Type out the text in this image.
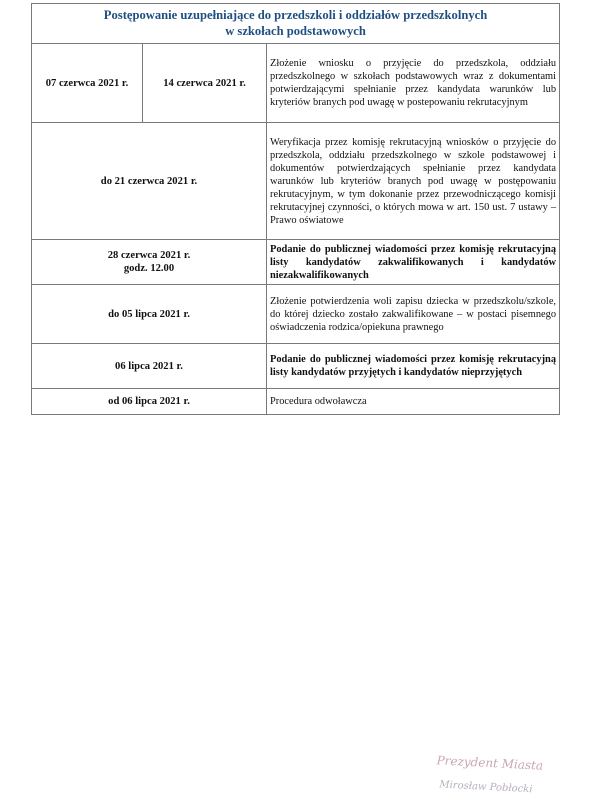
Postępowanie uzupełniające do przedszkoli i oddziałów przedszkolnych
w szkołach podstawowych		
07 czerwca 2021 r.	14 czerwca 2021 r.	Złożenie wniosku o przyjęcie do przedszkola, oddziału przedszkolnego w szkołach podstawowych wraz z dokumentami potwierdzającymi spełnianie przez kandydata warunków lub kryteriów branych pod uwagę w postepowaniu rekrutacyjnym
do 21 czerwca 2021 r.		Weryfikacja przez komisję rekrutacyjną wniosków o przyjęcie do przedszkola, oddziału przedszkolnego w szkole podstawowej i dokumentów potwierdzających spełnianie przez kandydata warunków lub kryteriów branych pod uwagę w postępowaniu rekrutacyjnym, w tym dokonanie przez przewodniczącego komisji rekrutacyjnej czynności, o których mowa w art. 150 ust. 7 ustawy – Prawo oświatowe
28 czerwca 2021 r.
godz. 12.00		Podanie do publicznej wiadomości przez komisję rekrutacyjną listy kandydatów zakwalifikowanych i kandydatów niezakwalifikowanych
do 05 lipca 2021 r.		Złożenie potwierdzenia woli zapisu dziecka w przedszkolu/szkole, do której dziecko zostało zakwalifikowane – w postaci pisemnego oświadczenia rodzica/opiekuna prawnego
06 lipca 2021 r.		Podanie do publicznej wiadomości przez komisję rekrutacyjną listy kandydatów przyjętych i kandydatów nieprzyjętych
od 06 lipca 2021 r.		Procedura odwoławcza
Prezydent Miasta
Mirosław Pobłocki
